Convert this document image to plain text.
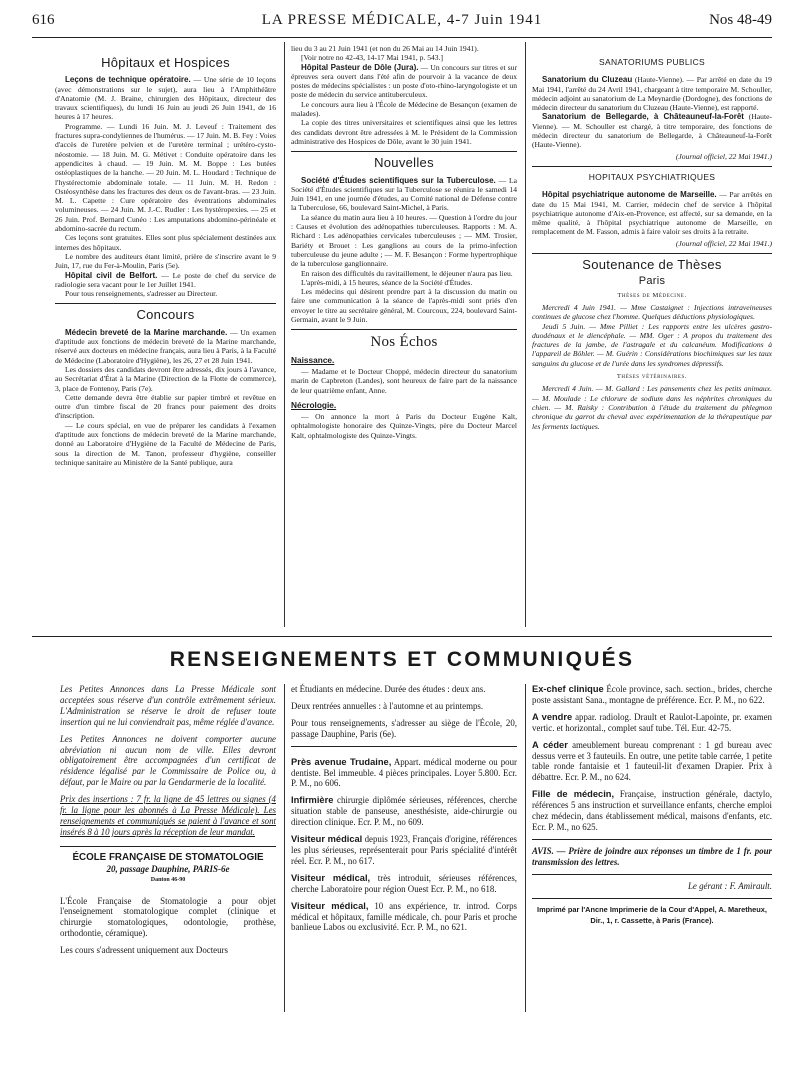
616	LA PRESSE MÉDICALE, 4-7 Juin 1941	Nos 48-49
Hôpitaux et Hospices

Leçons de technique opératoire. — Une série de 10 leçons (avec démonstrations sur le sujet), aura lieu à l'Amphithéâtre d'Anatomie (M. J. Braine, chirurgien des Hôpitaux, directeur des travaux scientifiques), du lundi 16 Juin au jeudi 26 Juin 1941, de 16 heures à 17 heures.

Programme. — Lundi 16 Juin. M. J. Leveuf : Traitement des fractures supra-condyliennes de l'humérus. — 17 Juin. M. B. Fey : Voies d'accès de l'uretère pelvien et de l'uretère terminal ; urétéro-cysto-néostomie. — 18 Juin. M. G. Métivet : Conduite opératoire dans les appendicites à chaud. — 19 Juin. M. M. Boppe : Les butées ostéoplastiques de la hanche. — 20 Juin. M. L. Houdard : Technique de l'hystérectomie abdominale totale. — 11 Juin. M. H. Redon : Ostéosynthèse dans les fractures des deux os de l'avant-bras. — 23 Juin. M. L. Capette : Cure opératoire des éventrations abdominales volumineuses. — 24 Juin. M. J.-C. Rudler : Les hystéropexies. — 25 et 26 Juin. Prof. Bernard Cunéo : Les amputations abdomino-périnéale et abdomino-sacrée du rectum.

Ces leçons sont gratuites. Elles sont plus spécialement destinées aux internes des hôpitaux.

Le nombre des auditeurs étant limité, prière de s'inscrire avant le 9 Juin, 17, rue du Fer-à-Moulin, Paris (5e).

Hôpital civil de Belfort. — Le poste de chef du service de radiologie sera vacant pour le 1er Juillet 1941.

Pour tous renseignements, s'adresser au Directeur.

Concours

Médecin breveté de la Marine marchande. — Un examen d'aptitude aux fonctions de médecin breveté de la Marine marchande, réservé aux docteurs en médecine français, aura lieu à Paris, à la Faculté de Médecine (Laboratoire d'Hygiène), les 26, 27 et 28 Juin 1941.

Les dossiers des candidats devront être adressés, dix jours à l'avance, au Secrétariat d'État à la Marine (Direction de la Flotte de commerce), 3, place de Fontenoy, Paris (7e).

Cette demande devra être établie sur papier timbré et revêtue en outre d'un timbre fiscal de 20 francs pour paiement des droits d'inscription.

— Le cours spécial, en vue de préparer les candidats à l'examen d'aptitude aux fonctions de médecin breveté de la Marine marchande, donné au Laboratoire d'Hygiène de la Faculté de Médecine de Paris, sous la direction de M. Tanon, professeur d'hygiène, conseiller technique sanitaire au Ministère de la Santé publique, aura

lieu du 3 au 21 Juin 1941 (et non du 26 Mai au 14 Juin 1941).

[Voir notre no 42-43, 14-17 Mai 1941, p. 543.]

Hôpital Pasteur de Dôle (Jura). — Un concours sur titres et sur épreuves sera ouvert dans l'été afin de pourvoir à la vacance de deux postes de médecins spécialistes : un poste d'oto-rhino-laryngologiste et un poste de médecin du service antituberculeux.

Le concours aura lieu à l'École de Médecine de Besançon (examen de malades).

La copie des titres universitaires et scientifiques ainsi que les lettres des candidats devront être adressées à M. le Président de la Commission administrative des Hospices de Dôle, avant le 30 juin 1941.

Nouvelles

Société d'Études scientifiques sur la Tuberculose. — La Société d'Études scientifiques sur la Tuberculose se réunira le samedi 14 Juin 1941, en une journée d'études, au Comité national de Défense contre la Tuberculose, 66, boulevard Saint-Michel, à Paris.

La séance du matin aura lieu à 10 heures. — Question à l'ordre du jour : Causes et évolution des adénopathies tuberculeuses. Rapports : M. A. Richard : Les adénopathies cervicales tuberculeuses ; — MM. Trosier, Bariéty et Brouet : Les ganglions au cours de la primo-infection tuberculeuse du jeune adulte ; — M. F. Besançon : Forme hypertrophique de la tuberculose ganglionnaire.

En raison des difficultés du ravitaillement, le déjeuner n'aura pas lieu.

L'après-midi, à 15 heures, séance de la Société d'Études.

Les médecins qui désirent prendre part à la discussion du matin ou faire une communication à la séance de l'après-midi sont priés d'en envoyer le titre au secrétaire général, M. Courcoux, 224, boulevard Saint-Germain, avant le 9 Juin.

Nos Échos
Naissance.

— Madame et le Docteur Choppé, médecin directeur du sanatorium marin de Capbreton (Landes), sont heureux de faire part de la naissance de leur quatrième enfant, Anne.

Nécrologie.

— On annonce la mort à Paris du Docteur Eugène Kalt, ophtalmologiste honoraire des Quinze-Vingts, père du Docteur Marcel Kalt, ophtalmologiste des Quinze-Vingts.

SANATORIUMS PUBLICS

Sanatorium du Cluzeau (Haute-Vienne). — Par arrêté en date du 19 Mai 1941, l'arrêté du 24 Avril 1941, chargeant à titre temporaire M. Schouller, médecin adjoint au sanatorium de La Meynardie (Dordogne), des fonctions de médecin directeur du sanatorium du Cluzeau (Haute-Vienne), est rapporté.

Sanatorium de Bellegarde, à Châteauneuf-la-Forêt (Haute-Vienne). — M. Schouller est chargé, à titre temporaire, des fonctions de médecin directeur du sanatorium de Bellegarde, à Châteauneuf-la-Forêt (Haute-Vienne).

(Journal officiel, 22 Mai 1941.)

HOPITAUX PSYCHIATRIQUES

Hôpital psychiatrique autonome de Marseille. — Par arrêtés en date du 15 Mai 1941, M. Carrier, médecin chef de service à l'hôpital psychiatrique autonome d'Aix-en-Provence, est affecté, sur sa demande, en la même qualité, à l'hôpital psychiatrique autonome de Marseille, en remplacement de M. Fasson, admis à faire valoir ses droits à la retraite.

(Journal officiel, 22 Mai 1941.)

Soutenance de Thèses
Paris
Thèses de Médecine.

Mercredi 4 Juin 1941. — Mme Castaignet : Injections intraveineuses continues de glucose chez l'homme. Quelques déductions physiologiques.

Jeudi 5 Juin. — Mme Pilliet : Les rapports entre les ulcères gastro-duodénaux et le diencéphale. — MM. Oger : A propos du traitement des fractures de la jambe, de l'astragale et du calcanéum. Modifications à l'appareil de Böhler. — M. Guérin : Considérations biochimiques sur les taux sanguins du glucose et de l'urée dans les syndromes dépressifs.

Thèses vétérinaires.

Mercredi 4 Juin. — M. Gallard : Les pansements chez les petits animaux. — M. Moulade : Le chlorure de sodium dans les néphrites chroniques du chien. — M. Raisky : Contribution à l'étude du traitement du phlegmon chronique du garrot du cheval avec expérimentation de la thérapeutique par les ferments lactiques.

RENSEIGNEMENTS ET COMMUNIQUÉS

Les Petites Annonces dans La Presse Médicale sont acceptées sous réserve d'un contrôle extrêmement sérieux. L'Administration se réserve le droit de refuser toute insertion qui ne lui conviendrait pas, même réglée d'avance.

Les Petites Annonces ne doivent comporter aucune abréviation ni aucun nom de ville. Elles devront obligatoirement être accompagnées d'un certificat de résidence légalisé par le Commissaire de Police ou, à défaut, par le Maire ou par la Gendarmerie de la localité.

Prix des insertions : 7 fr. la ligne de 45 lettres ou signes (4 fr. la ligne pour les abonnés à La Presse Médicale). Les renseignements et communiqués se paient à l'avance et sont insérés 8 à 10 jours après la réception de leur mandat.

ÉCOLE FRANÇAISE DE STOMATOLOGIE
20, passage Dauphine, PARIS-6e
Danton 46-90

L'École Française de Stomatologie a pour objet l'enseignement stomatologique complet (clinique et chirurgie stomatologiques, odontologie, prothèse, orthodontie, céramique).

Les cours s'adressent uniquement aux Docteurs

et Étudiants en médecine. Durée des études : deux ans.

Deux rentrées annuelles : à l'automne et au printemps.

Pour tous renseignements, s'adresser au siège de l'École, 20, passage Dauphine, Paris (6e).

Près avenue Trudaine, Appart. médical moderne ou pour dentiste. Bel immeuble. 4 pièces principales. Loyer 5.800. Ecr. P. M., no 606.

Infirmière chirurgie diplômée sérieuses, références, cherche situation stable de panseuse, anesthésiste, aide-chirurgie ou direction clinique. Ecr. P. M., no 609.

Visiteur médical depuis 1923, Français d'origine, références les plus sérieuses, représenterait pour Paris spécialité d'intérêt réel. Ecr. P. M., no 617.

Visiteur médical, très introduit, sérieuses références, cherche Laboratoire pour région Ouest Ecr. P. M., no 618.

Visiteur médical, 10 ans expérience, tr. introd. Corps médical et hôpitaux, famille médicale, ch. pour Paris et proche banlieue Labos ou exclusivité. Ecr. P. M., no 621.

Ex-chef clinique École province, sach. section., brides, cherche poste assistant Sana., montagne de préférence. Ecr. P. M., no 622.

A vendre appar. radiolog. Drault et Raulot-Lapointe, pr. examen vertic. et horizontal., complet sauf tube. Tél. Eur. 42-75.

A céder ameublement bureau comprenant : 1 gd bureau avec dessus verre et 3 fauteuils. En outre, une petite table carrée, 1 petite table ronde fantaisie et 1 fauteuil-lit d'examen Drapier. Prix à débattre. Ecr. P. M., no 624.

Fille de médecin, Française, instruction générale, dactylo, références 5 ans instruction et surveillance enfants, cherche emploi chez médecin, dans établissement médical, maisons d'enfants, etc. Ecr. P. M., no 625.

AVIS. — Prière de joindre aux réponses un timbre de 1 fr. pour transmission des lettres.

Le gérant : F. Amirault.

Imprimé par l'Ancne Imprimerie de la Cour d'Appel, A. Maretheux, Dir., 1, r. Cassette, à Paris (France).
